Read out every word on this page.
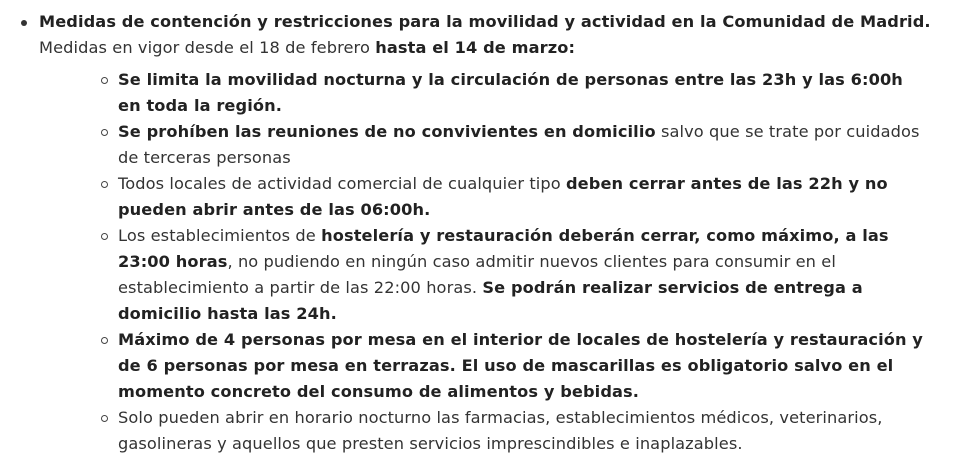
Medidas de contención y restricciones para la movilidad y actividad en la Comunidad de Madrid. Medidas en vigor desde el 18 de febrero hasta el 14 de marzo:
Se limita la movilidad nocturna y la circulación de personas entre las 23h y las 6:00h en toda la región.
Se prohíben las reuniones de no convivientes en domicilio salvo que se trate por cuidados de terceras personas
Todos locales de actividad comercial de cualquier tipo deben cerrar antes de las 22h y no pueden abrir antes de las 06:00h.
Los establecimientos de hostelería y restauración deberán cerrar, como máximo, a las 23:00 horas, no pudiendo en ningún caso admitir nuevos clientes para consumir en el establecimiento a partir de las 22:00 horas. Se podrán realizar servicios de entrega a domicilio hasta las 24h.
Máximo de 4 personas por mesa en el interior de locales de hostelería y restauración y de 6 personas por mesa en terrazas. El uso de mascarillas es obligatorio salvo en el momento concreto del consumo de alimentos y bebidas.
Solo pueden abrir en horario nocturno las farmacias, establecimientos médicos, veterinarios, gasolineras y aquellos que presten servicios imprescindibles e inaplazables.
